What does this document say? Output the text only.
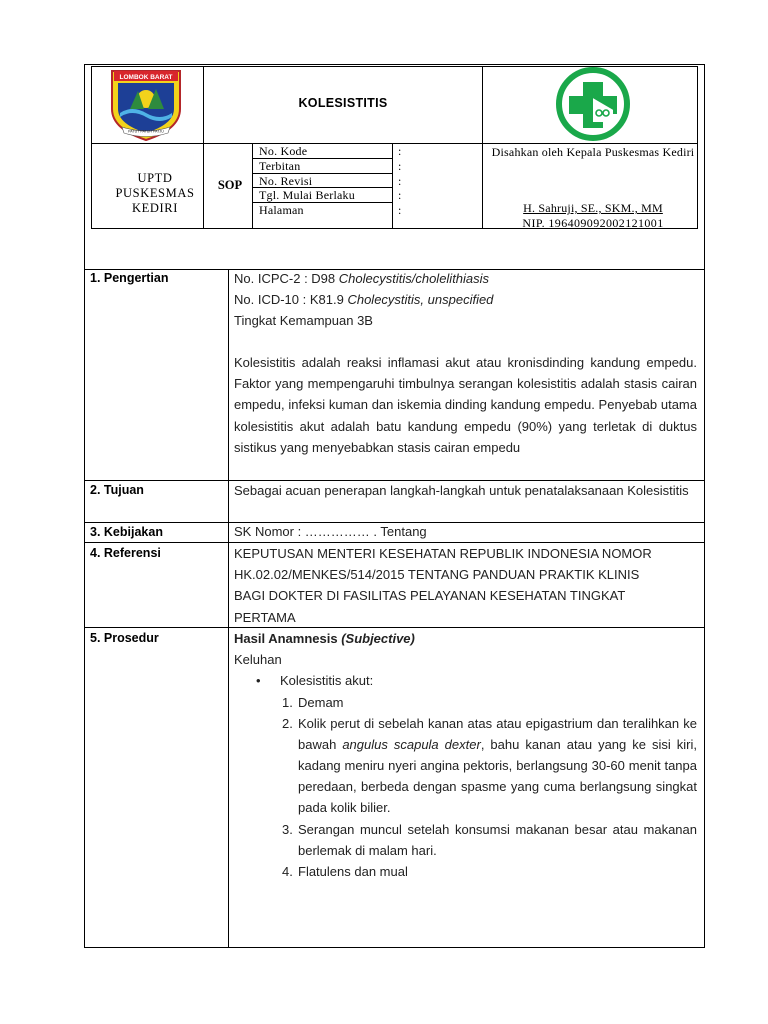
LOMBOK BARAT
PATUT PATUH PATJU
KOLESISTITIS
UPTD
PUSKESMAS
KEDIRI
SOP
No. Kode	:
Terbitan	:
No. Revisi	:
Tgl. Mulai Berlaku	:
Halaman	:
Disahkan oleh Kepala Puskesmas Kediri
H. Sahruji, SE., SKM., MM
NIP. 196409092002121001
1. Pengertian	No. ICPC-2 : D98 Cholecystitis/cholelithiasis
No. ICD-10 : K81.9 Cholecystitis, unspecified
Tingkat Kemampuan 3B
Kolesistitis adalah reaksi inflamasi akut atau kronisdinding kandung empedu. Faktor yang mempengaruhi timbulnya serangan kolesistitis adalah stasis cairan empedu, infeksi kuman dan iskemia dinding kandung empedu. Penyebab utama kolesistitis akut adalah batu kandung empedu (90%) yang terletak di duktus sistikus yang menyebabkan stasis cairan empedu
2. Tujuan	Sebagai acuan penerapan langkah-langkah untuk penatalaksanaan Kolesistitis
3. Kebijakan	SK Nomor : …………… . Tentang
4. Referensi	KEPUTUSAN MENTERI KESEHATAN REPUBLIK INDONESIA NOMOR HK.02.02/MENKES/514/2015 TENTANG PANDUAN PRAKTIK KLINIS BAGI DOKTER DI FASILITAS PELAYANAN KESEHATAN TINGKAT PERTAMA
5. Prosedur	Hasil Anamnesis (Subjective)
Keluhan
• Kolesistitis akut:
1. Demam
2. Kolik perut di sebelah kanan atas atau epigastrium dan teralihkan ke bawah angulus scapula dexter, bahu kanan atau yang ke sisi kiri, kadang meniru nyeri angina pektoris, berlangsung 30-60 menit tanpa peredaan, berbeda dengan spasme yang cuma berlangsung singkat pada kolik bilier.
3. Serangan muncul setelah konsumsi makanan besar atau makanan berlemak di malam hari.
4. Flatulens dan mual
